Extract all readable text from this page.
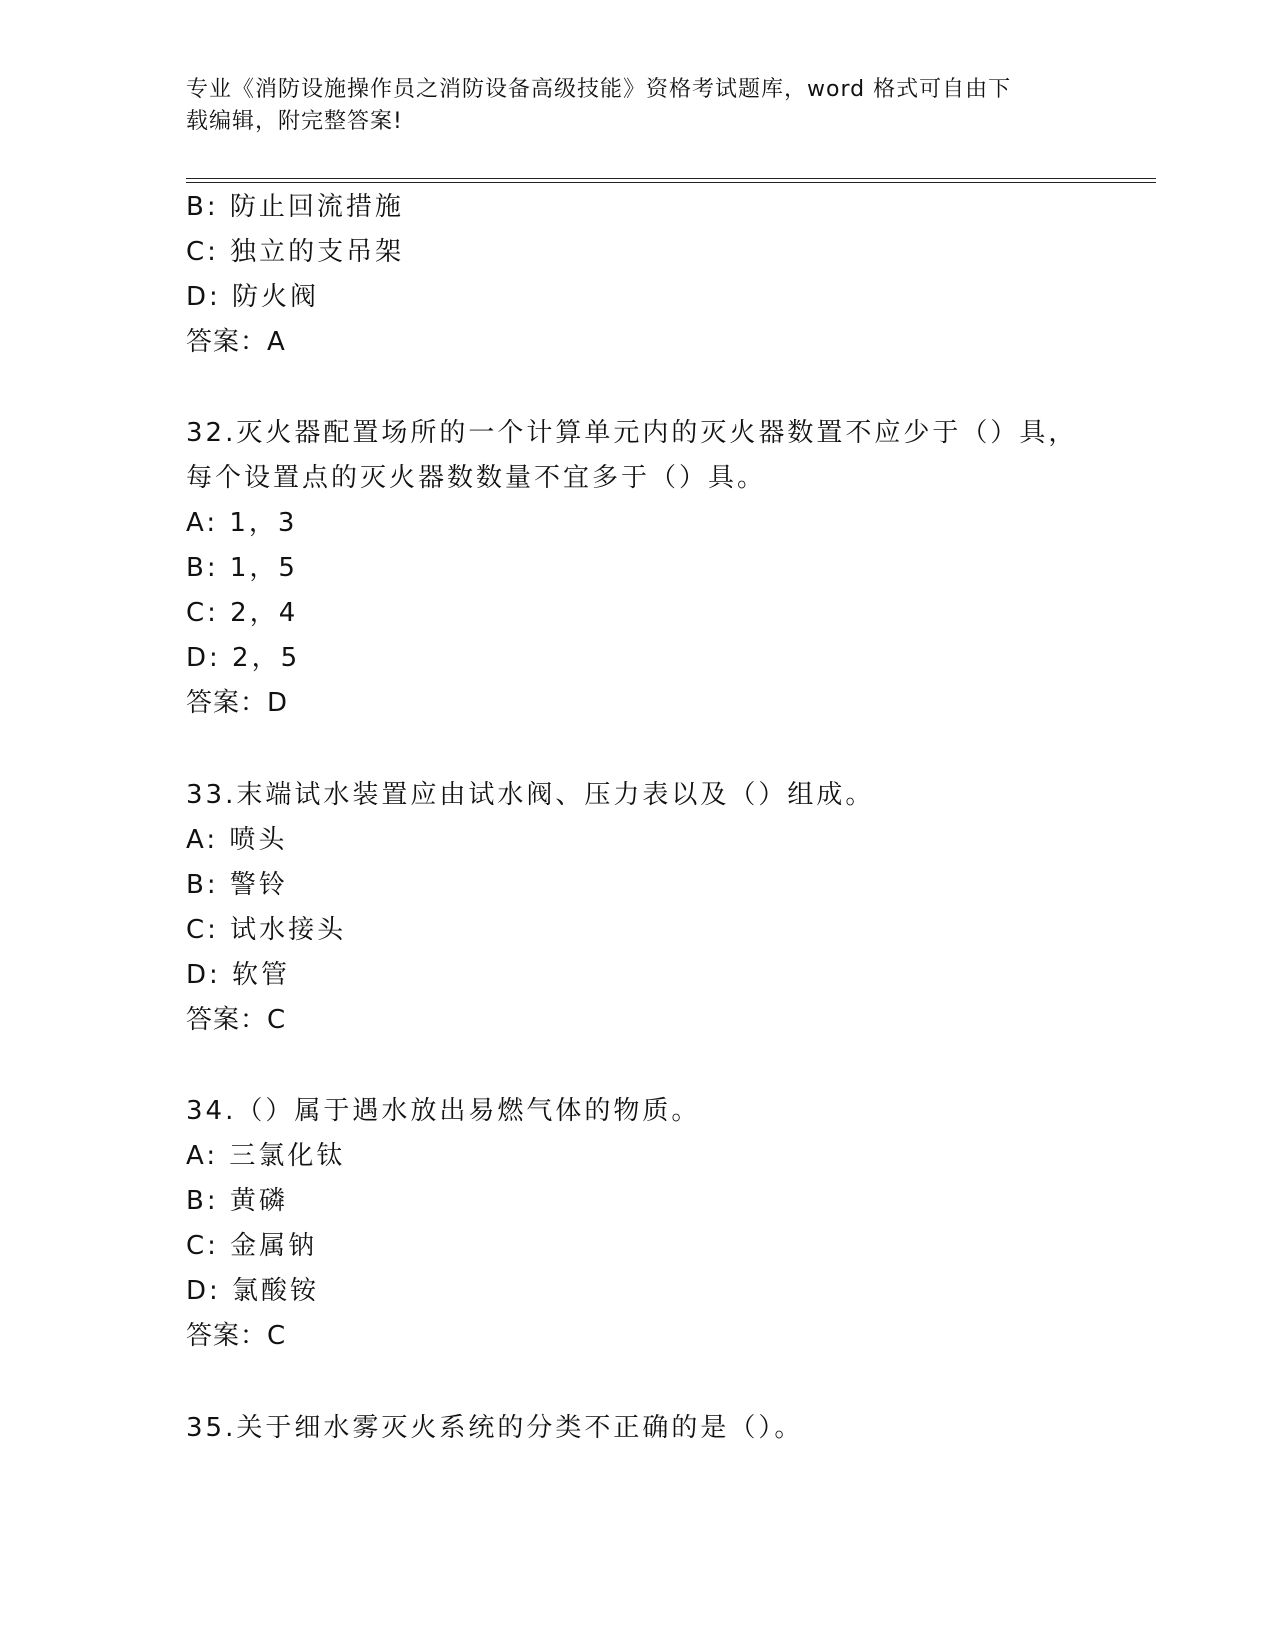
专业《消防设施操作员之消防设备高级技能》资格考试题库，word 格式可自由下
载编辑，附完整答案!
B: 防止回流措施
C: 独立的支吊架
D: 防火阀
答案：A
32.灭火器配置场所的一个计算单元内的灭火器数置不应少于（）具，
每个设置点的灭火器数数量不宜多于（）具。
A: 1，3
B: 1，5
C: 2，4
D: 2，5
答案：D
33.末端试水装置应由试水阀、压力表以及（）组成。
A: 喷头
B: 警铃
C: 试水接头
D: 软管
答案：C
34.（）属于遇水放出易燃气体的物质。
A: 三氯化钛
B: 黄磷
C: 金属钠
D: 氯酸铵
答案：C
35.关于细水雾灭火系统的分类不正确的是（）。
